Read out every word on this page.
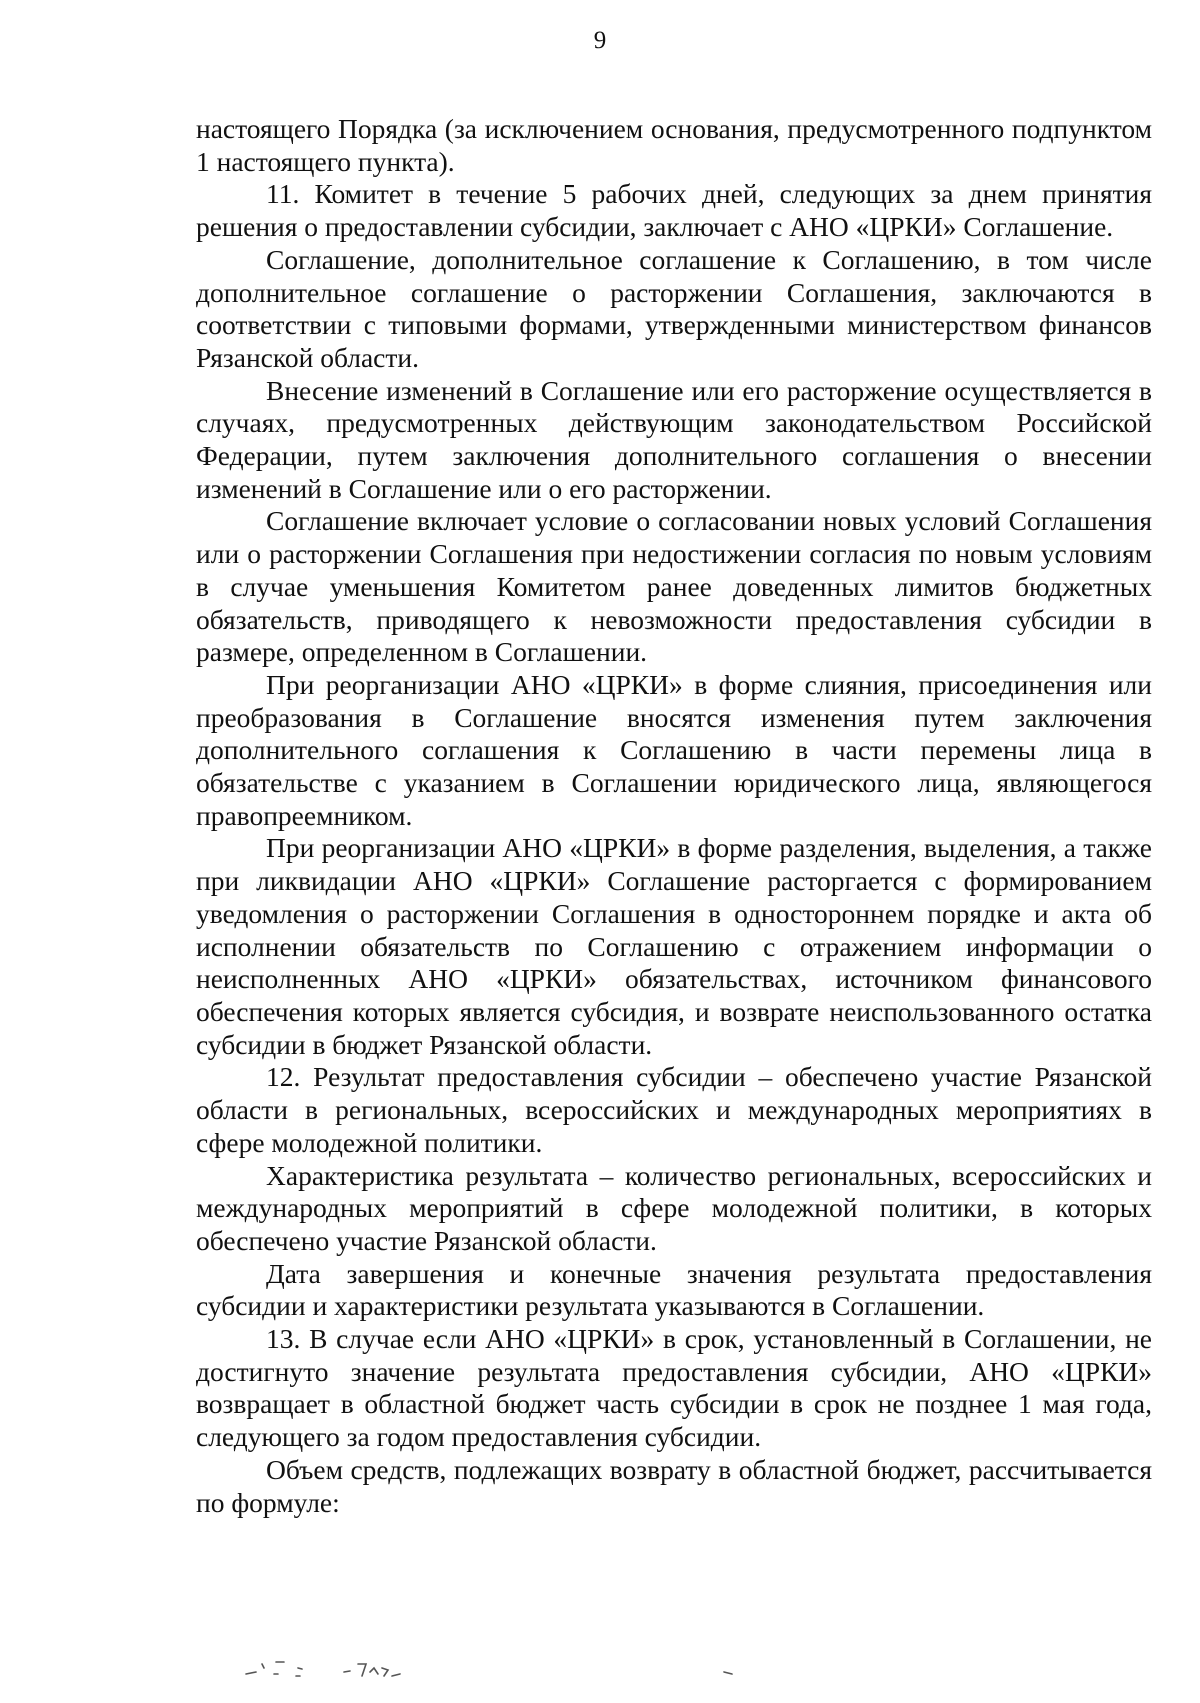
9

настоящего Порядка (за исключением основания, предусмотренного подпунктом 1 настоящего пункта).

11. Комитет в течение 5 рабочих дней, следующих за днем принятия решения о предоставлении субсидии, заключает с АНО «ЦРКИ» Соглашение.

Соглашение, дополнительное соглашение к Соглашению, в том числе дополнительное соглашение о расторжении Соглашения, заключаются в соответствии с типовыми формами, утвержденными министерством финансов Рязанской области.

Внесение изменений в Соглашение или его расторжение осуществляется в случаях, предусмотренных действующим законодательством Российской Федерации, путем заключения дополнительного соглашения о внесении изменений в Соглашение или о его расторжении.

Соглашение включает условие о согласовании новых условий Соглашения или о расторжении Соглашения при недостижении согласия по новым условиям в случае уменьшения Комитетом ранее доведенных лимитов бюджетных обязательств, приводящего к невозможности предоставления субсидии в размере, определенном в Соглашении.

При реорганизации АНО «ЦРКИ» в форме слияния, присоединения или преобразования в Соглашение вносятся изменения путем заключения дополнительного соглашения к Соглашению в части перемены лица в обязательстве с указанием в Соглашении юридического лица, являющегося правопреемником.

При реорганизации АНО «ЦРКИ» в форме разделения, выделения, а также при ликвидации АНО «ЦРКИ» Соглашение расторгается с формированием уведомления о расторжении Соглашения в одностороннем порядке и акта об исполнении обязательств по Соглашению с отражением информации о неисполненных АНО «ЦРКИ» обязательствах, источником финансового обеспечения которых является субсидия, и возврате неиспользованного остатка субсидии в бюджет Рязанской области.

12. Результат предоставления субсидии – обеспечено участие Рязанской области в региональных, всероссийских и международных мероприятиях в сфере молодежной политики.

Характеристика результата – количество региональных, всероссийских и международных мероприятий в сфере молодежной политики, в которых обеспечено участие Рязанской области.

Дата завершения и конечные значения результата предоставления субсидии и характеристики результата указываются в Соглашении.

13. В случае если АНО «ЦРКИ» в срок, установленный в Соглашении, не достигнуто значение результата предоставления субсидии, АНО «ЦРКИ» возвращает в областной бюджет часть субсидии в срок не позднее 1 мая года, следующего за годом предоставления субсидии.

Объем средств, подлежащих возврату в областной бюджет, рассчитывается по формуле:
